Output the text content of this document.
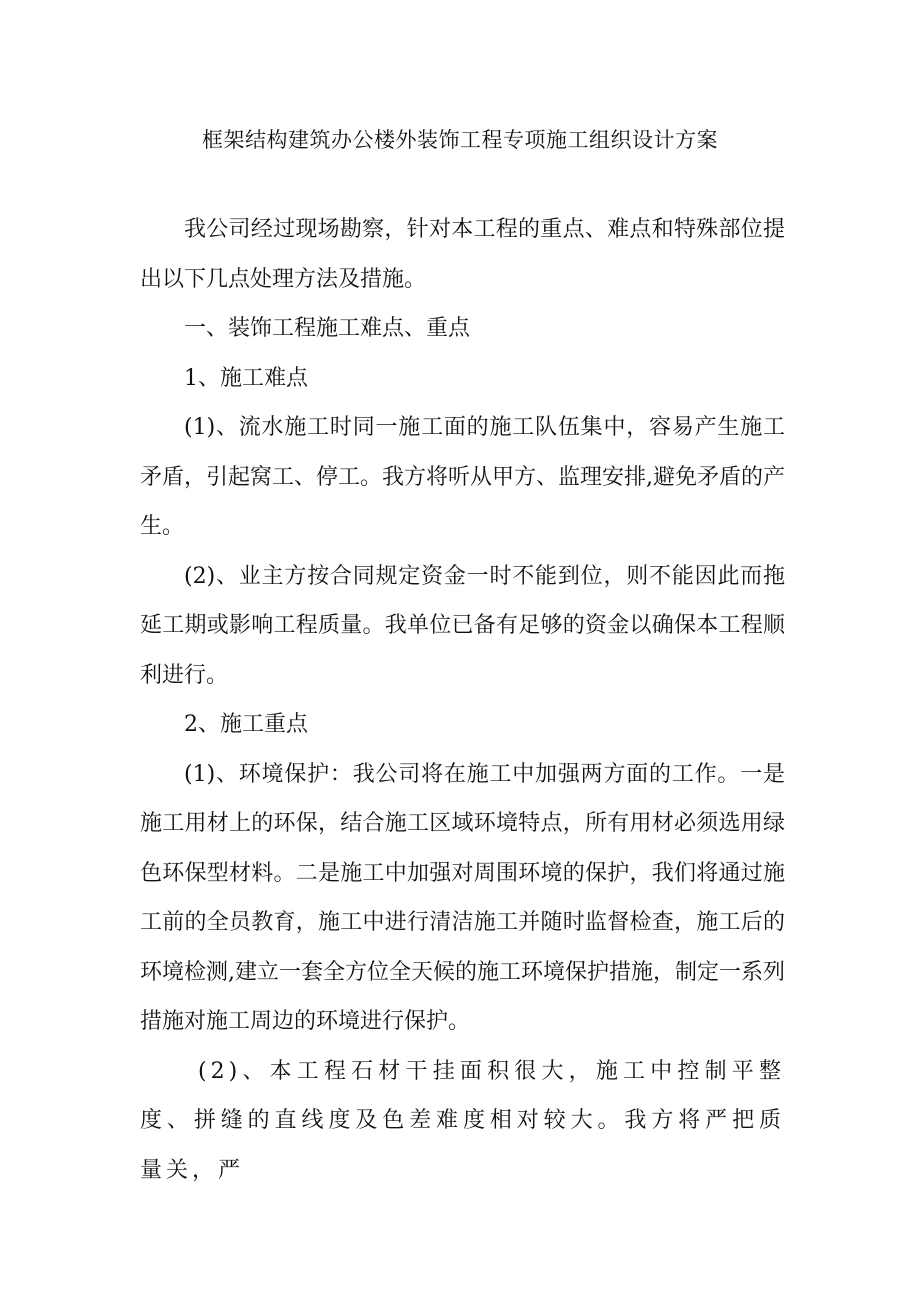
框架结构建筑办公楼外装饰工程专项施工组织设计方案

我公司经过现场勘察，针对本工程的重点、难点和特殊部位提出以下几点处理方法及措施。

一、装饰工程施工难点、重点

1、施工难点

(1)、流水施工时同一施工面的施工队伍集中，容易产生施工矛盾，引起窝工、停工。我方将听从甲方、监理安排,避免矛盾的产生。

(2)、业主方按合同规定资金一时不能到位，则不能因此而拖延工期或影响工程质量。我单位已备有足够的资金以确保本工程顺利进行。

2、施工重点

(1)、环境保护：我公司将在施工中加强两方面的工作。一是施工用材上的环保，结合施工区域环境特点，所有用材必须选用绿色环保型材料。二是施工中加强对周围环境的保护，我们将通过施工前的全员教育，施工中进行清洁施工并随时监督检查，施工后的环境检测,建立一套全方位全天候的施工环境保护措施，制定一系列措施对施工周边的环境进行保护。

(2)、本工程石材干挂面积很大，施工中控制平整度、拼缝的直线度及色差难度相对较大。我方将严把质量关，严
